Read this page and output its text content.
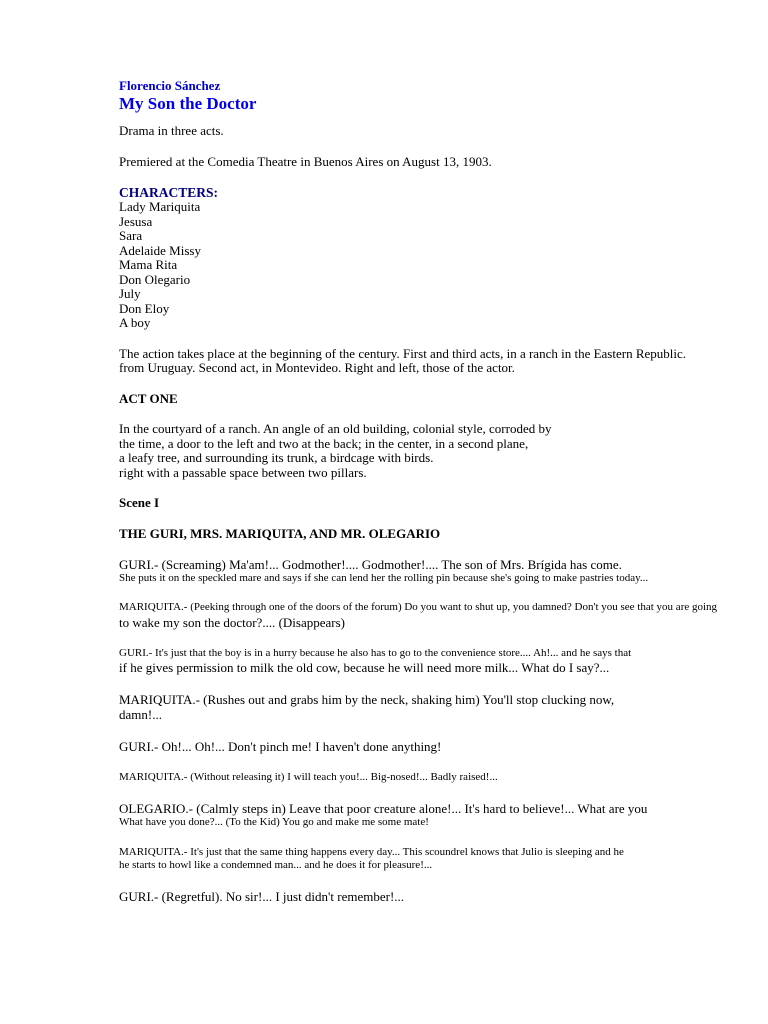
Florencio Sánchez
My Son the Doctor
Drama in three acts.
Premiered at the Comedia Theatre in Buenos Aires on August 13, 1903.
CHARACTERS:
Lady Mariquita
Jesusa
Sara
Adelaide Missy
Mama Rita
Don Olegario
July
Don Eloy
A boy
The action takes place at the beginning of the century. First and third acts, in a ranch in the Eastern Republic.
from Uruguay. Second act, in Montevideo. Right and left, those of the actor.
ACT ONE
In the courtyard of a ranch. An angle of an old building, colonial style, corroded by
the time, a door to the left and two at the back; in the center, in a second plane,
a leafy tree, and surrounding its trunk, a birdcage with birds.
right with a passable space between two pillars.
Scene I
THE GURI, MRS. MARIQUITA, AND MR. OLEGARIO
GURI.- (Screaming) Ma'am!... Godmother!.... Godmother!.... The son of Mrs. Brígida has come.
She puts it on the speckled mare and says if she can lend her the rolling pin because she's going to make pastries today...
MARIQUITA.- (Peeking through one of the doors of the forum) Do you want to shut up, you damned? Don't you see that you are going
to wake my son the doctor?.... (Disappears)
GURI.- It's just that the boy is in a hurry because he also has to go to the convenience store.... Ah!... and he says that
if he gives permission to milk the old cow, because he will need more milk... What do I say?...
MARIQUITA.- (Rushes out and grabs him by the neck, shaking him) You'll stop clucking now,
damn!...
GURI.- Oh!... Oh!... Don't pinch me! I haven't done anything!
MARIQUITA.- (Without releasing it) I will teach you!... Big-nosed!... Badly raised!...
OLEGARIO.- (Calmly steps in) Leave that poor creature alone!... It's hard to believe!... What are you
What have you done?... (To the Kid) You go and make me some mate!
MARIQUITA.- It's just that the same thing happens every day... This scoundrel knows that Julio is sleeping and he
he starts to howl like a condemned man... and he does it for pleasure!...
GURI.- (Regretful). No sir!... I just didn't remember!...
